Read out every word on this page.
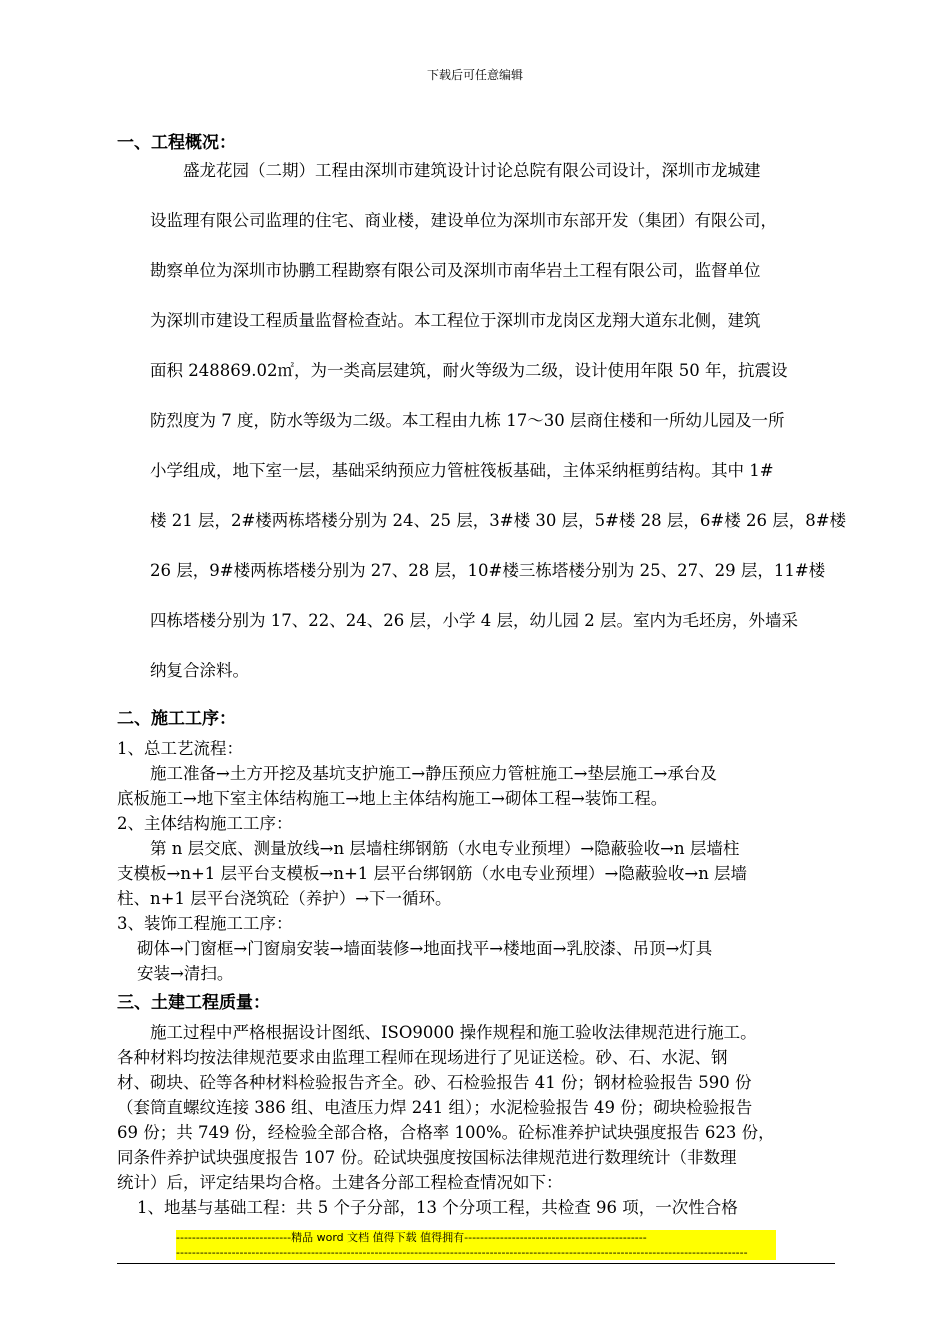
下载后可任意编辑
一、工程概况：
盛龙花园（二期）工程由深圳市建筑设计讨论总院有限公司设计，深圳市龙城建
设监理有限公司监理的住宅、商业楼，建设单位为深圳市东部开发（集团）有限公司，
勘察单位为深圳市协鹏工程勘察有限公司及深圳市南华岩土工程有限公司，监督单位
为深圳市建设工程质量监督检查站。本工程位于深圳市龙岗区龙翔大道东北侧，建筑
面积 248869.02㎡，为一类高层建筑，耐火等级为二级，设计使用年限 50 年，抗震设
防烈度为 7 度，防水等级为二级。本工程由九栋 17～30 层商住楼和一所幼儿园及一所
小学组成，地下室一层，基础采纳预应力管桩筏板基础，主体采纳框剪结构。其中 1#
楼 21 层，2#楼两栋塔楼分别为 24、25 层，3#楼 30 层，5#楼 28 层，6#楼 26 层，8#楼
26 层，9#楼两栋塔楼分别为 27、28 层，10#楼三栋塔楼分别为 25、27、29 层，11#楼
四栋塔楼分别为 17、22、24、26 层，小学 4 层，幼儿园 2 层。室内为毛坯房，外墙采
纳复合涂料。
二、施工工序：
1、总工艺流程：
施工准备→土方开挖及基坑支护施工→静压预应力管桩施工→垫层施工→承台及
底板施工→地下室主体结构施工→地上主体结构施工→砌体工程→装饰工程。
2、主体结构施工工序：
第 n 层交底、测量放线→n 层墙柱绑钢筋（水电专业预埋）→隐蔽验收→n 层墙柱
支模板→n+1 层平台支模板→n+1 层平台绑钢筋（水电专业预埋）→隐蔽验收→n 层墙
柱、n+1 层平台浇筑砼（养护）→下一循环。
3、装饰工程施工工序：
砌体→门窗框→门窗扇安装→墙面装修→地面找平→楼地面→乳胶漆、吊顶→灯具
安装→清扫。
三、土建工程质量：
施工过程中严格根据设计图纸、ISO9000 操作规程和施工验收法律规范进行施工。
各种材料均按法律规范要求由监理工程师在现场进行了见证送检。砂、石、水泥、钢
材、砌块、砼等各种材料检验报告齐全。砂、石检验报告 41 份；钢材检验报告 590 份
（套筒直螺纹连接 386 组、电渣压力焊 241 组）；水泥检验报告 49 份；砌块检验报告
69 份；共 749 份，经检验全部合格，合格率 100%。砼标准养护试块强度报告 623 份，
同条件养护试块强度报告 107 份。砼试块强度按国标法律规范进行数理统计（非数理
统计）后，评定结果均合格。土建各分部工程检查情况如下：
1、地基与基础工程：共 5 个子分部，13 个分项工程，共检查 96 项，一次性合格
-----------------------------精品 word 文档 值得下载 值得拥有----------------------------------------------
------------------------------------------------------------------------------------------------------------------------------------------------
